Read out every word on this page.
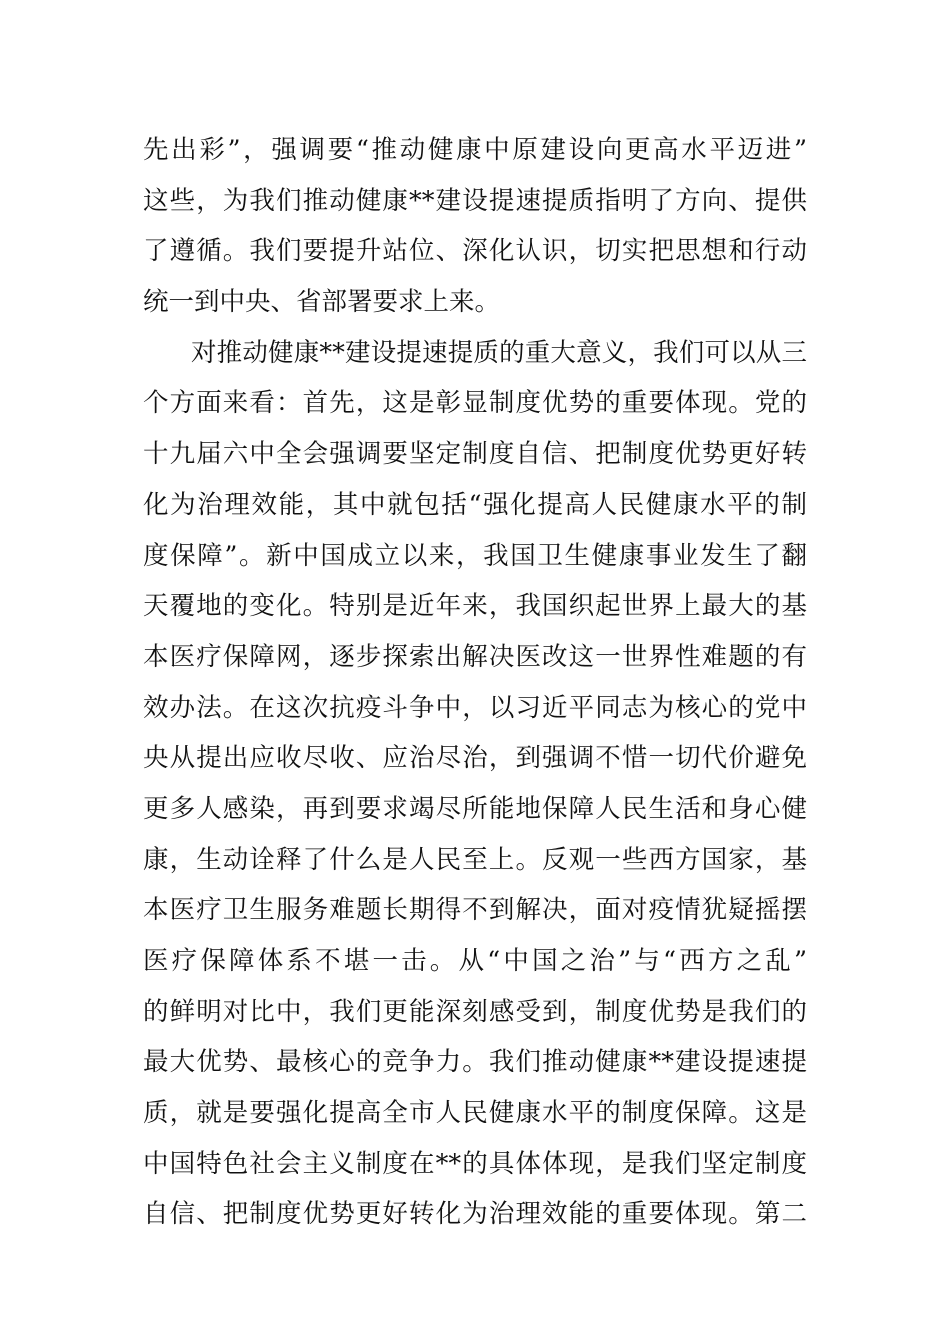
先出彩”，强调要“推动健康中原建设向更高水平迈进”
这些，为我们推动健康**建设提速提质指明了方向、提供
了遵循。我们要提升站位、深化认识，切实把思想和行动
统一到中央、省部署要求上来。
对推动健康**建设提速提质的重大意义，我们可以从三
个方面来看：首先，这是彰显制度优势的重要体现。党的
十九届六中全会强调要坚定制度自信、把制度优势更好转
化为治理效能，其中就包括“强化提高人民健康水平的制
度保障”。新中国成立以来，我国卫生健康事业发生了翻
天覆地的变化。特别是近年来，我国织起世界上最大的基
本医疗保障网，逐步探索出解决医改这一世界性难题的有
效办法。在这次抗疫斗争中，以习近平同志为核心的党中
央从提出应收尽收、应治尽治，到强调不惜一切代价避免
更多人感染，再到要求竭尽所能地保障人民生活和身心健
康，生动诠释了什么是人民至上。反观一些西方国家，基
本医疗卫生服务难题长期得不到解决，面对疫情犹疑摇摆
医疗保障体系不堪一击。从“中国之治”与“西方之乱”
的鲜明对比中，我们更能深刻感受到，制度优势是我们的
最大优势、最核心的竞争力。我们推动健康**建设提速提
质，就是要强化提高全市人民健康水平的制度保障。这是
中国特色社会主义制度在**的具体体现，是我们坚定制度
自信、把制度优势更好转化为治理效能的重要体现。第二
